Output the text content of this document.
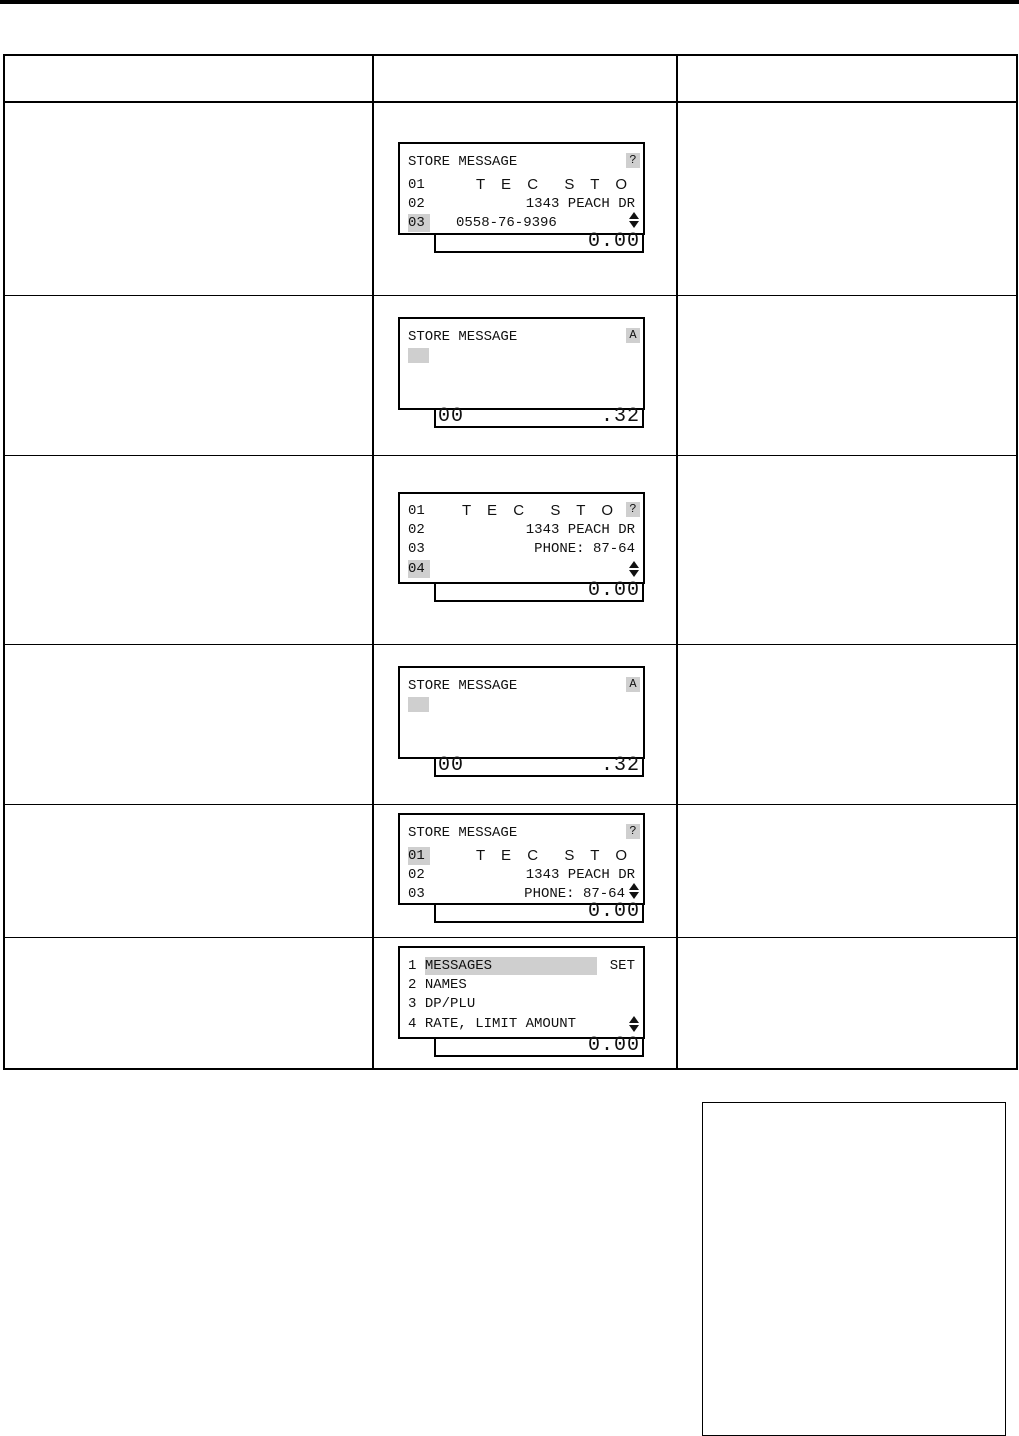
STORE MESSAGE	?
01	T E C  S T O
02	1343 PEACH DR
03 0558-76-9396
0.00
STORE MESSAGE	A
00	.32
01 T E C  S T O ?
02	1343 PEACH DR
03	PHONE: 87-64
04
0.00
STORE MESSAGE	A
00	.32
STORE MESSAGE	?
01	T E C  S T O
02	1343 PEACH DR
03	PHONE: 87-64
0.00
1 MESSAGES	SET
2 NAMES
3 DP/PLU
4 RATE, LIMIT AMOUNT
0.00
